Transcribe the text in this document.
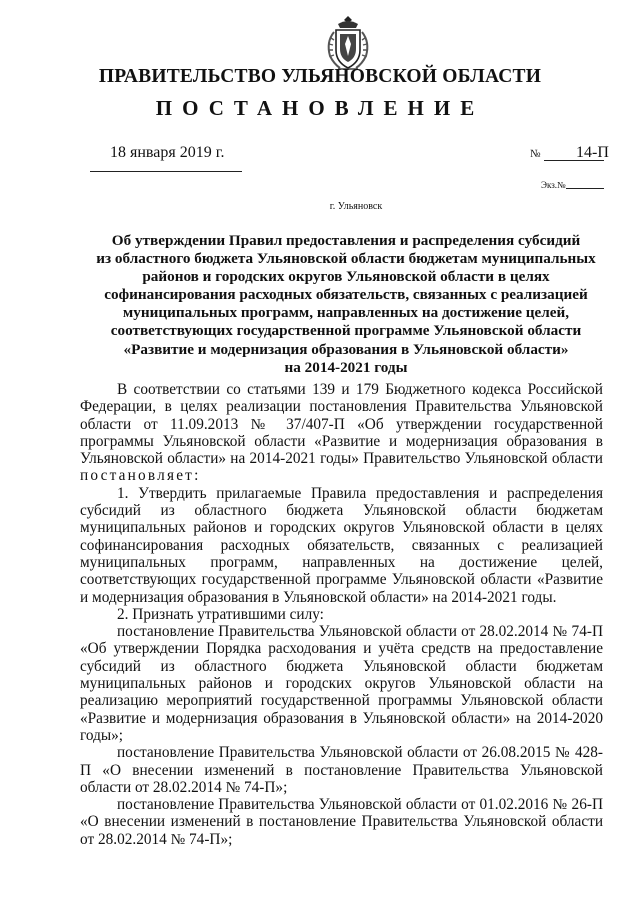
ПРАВИТЕЛЬСТВО УЛЬЯНОВСКОЙ ОБЛАСТИ
ПОСТАНОВЛЕНИЕ
18 января 2019 г.	№ 14-П
Экз.№
г. Ульяновск
Об утверждении Правил предоставления и распределения субсидий
из областного бюджета Ульяновской области бюджетам муниципальных
районов и городских округов Ульяновской области в целях
софинансирования расходных обязательств, связанных с реализацией
муниципальных программ, направленных на достижение целей,
соответствующих государственной программе Ульяновской области
«Развитие и модернизация образования в Ульяновской области»
на 2014-2021 годы

В соответствии со статьями 139 и 179 Бюджетного кодекса Российской Федерации, в целях реализации постановления Правительства Ульяновской области от 11.09.2013 № 37/407-П «Об утверждении государственной программы Ульяновской области «Развитие и модернизация образования в Ульяновской области» на 2014-2021 годы» Правительство Ульяновской области постановляет:

1. Утвердить прилагаемые Правила предоставления и распределения субсидий из областного бюджета Ульяновской области бюджетам муниципальных районов и городских округов Ульяновской области в целях софинансирования расходных обязательств, связанных с реализацией муниципальных программ, направленных на достижение целей, соответствующих государственной программе Ульяновской области «Развитие и модернизация образования в Ульяновской области» на 2014-2021 годы.

2. Признать утратившими силу:

постановление Правительства Ульяновской области от 28.02.2014 № 74-П «Об утверждении Порядка расходования и учёта средств на предоставление субсидий из областного бюджета Ульяновской области бюджетам муниципальных районов и городских округов Ульяновской области на реализацию мероприятий государственной программы Ульяновской области «Развитие и модернизация образования в Ульяновской области» на 2014-2020 годы»;

постановление Правительства Ульяновской области от 26.08.2015 № 428-П «О внесении изменений в постановление Правительства Ульяновской области от 28.02.2014 № 74-П»;

постановление Правительства Ульяновской области от 01.02.2016 № 26-П «О внесении изменений в постановление Правительства Ульяновской области от 28.02.2014 № 74-П»;
